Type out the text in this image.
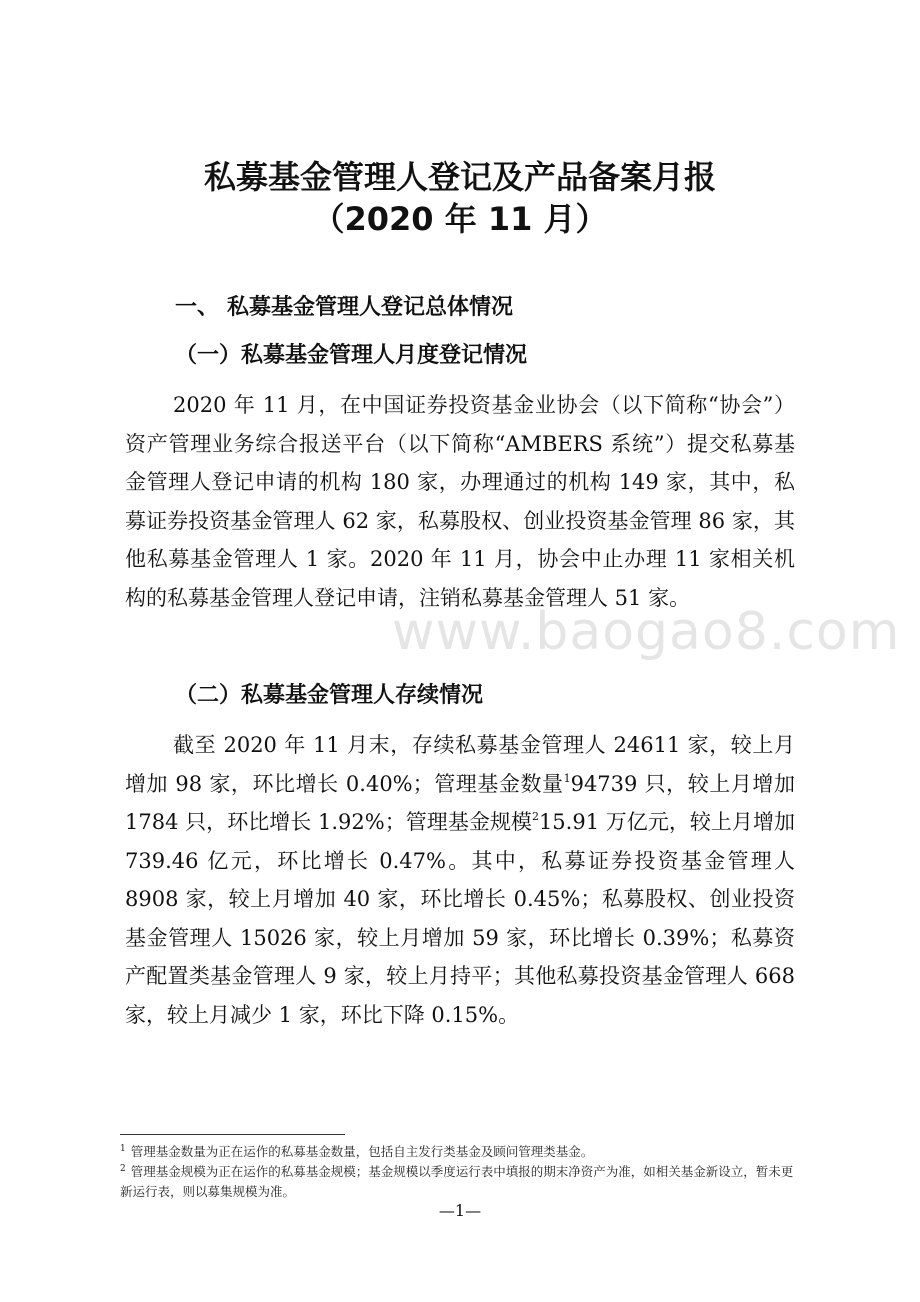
私募基金管理人登记及产品备案月报
（2020 年 11 月）
一、 私募基金管理人登记总体情况
（一）私募基金管理人月度登记情况

2020 年 11 月，在中国证券投资基金业协会（以下简称“协会”）资产管理业务综合报送平台（以下简称“AMBERS 系统”）提交私募基金管理人登记申请的机构 180 家，办理通过的机构 149 家，其中，私募证券投资基金管理人 62 家，私募股权、创业投资基金管理 86 家，其他私募基金管理人 1 家。2020 年 11 月，协会中止办理 11 家相关机构的私募基金管理人登记申请，注销私募基金管理人 51 家。

www.baogao8.com
（二）私募基金管理人存续情况

截至 2020 年 11 月末，存续私募基金管理人 24611 家，较上月增加 98 家，环比增长 0.40%；管理基金数量$^1$94739 只，较上月增加 1784 只，环比增长 1.92%；管理基金规模$^2$15.91 万亿元，较上月增加 739.46 亿元，环比增长 0.47%。其中，私募证券投资基金管理人 8908 家，较上月增加 40 家，环比增长 0.45%；私募股权、创业投资基金管理人 15026 家，较上月增加 59 家，环比增长 0.39%；私募资产配置类基金管理人 9 家，较上月持平；其他私募投资基金管理人 668 家，较上月减少 1 家，环比下降 0.15%。

$^1$ 管理基金数量为正在运作的私募基金数量，包括自主发行类基金及顾问管理类基金。
$^2$ 管理基金规模为正在运作的私募基金规模；基金规模以季度运行表中填报的期末净资产为准，如相关基金新设立，暂未更新运行表，则以募集规模为准。
—1—
